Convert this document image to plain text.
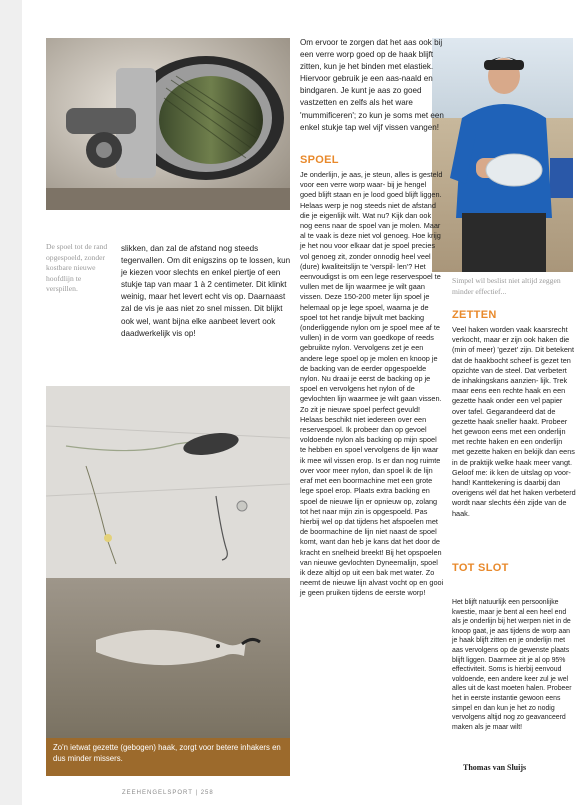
Zo'n ietwat gezette (gebogen) haak, zorgt voor betere inhakers en dus minder missers.
De spoel tot de rand opgespoeld, zonder kostbare nieuwe hoofdlijn te verspillen.
slikken, dan zal de afstand nog steeds tegenvallen. Om dit enigszins op te lossen, kun je kiezen voor slechts en enkel piertje of een stukje tap van maar 1 à 2 centimeter. Dit klinkt weinig, maar het levert echt vis op. Daarnaast zal de vis je aas niet zo snel missen. Dit blijkt ook wel, want bijna elke aanbeet levert ook daadwerkelijk vis op!
Om ervoor te zorgen dat het aas ook bij een verre worp goed op de haak blijft zitten, kun je het binden met elastiek. Hiervoor gebruik je een aas-naald en bindgaren. Je kunt je aas zo goed vastzetten en zelfs als het ware 'mummificeren'; zo kun je soms met een enkel stukje tap wel vijf vissen vangen!
SPOEL
Je onderlijn, je aas, je steun, alles is gesteld voor een verre worp waar- bij je hengel goed blijft staan en je lood goed blijft liggen. Helaas werp je nog steeds niet de afstand die je eigenlijk wilt. Wat nu? Kijk dan ook nog eens naar de spoel van je molen. Maar al te vaak is deze niet vol genoeg. Hoe krijg je het nou voor elkaar dat je spoel precies vol genoeg zit, zonder onnodig heel veel (dure) kwaliteitslijn te 'verspil- len'? Het eenvoudigst is om een lege reservespoel te vullen met de lijn waarmee je wilt gaan vissen. Deze 150-200 meter lijn spoel je helemaal op je lege spoel, waarna je de spoel tot het randje bijvult met backing (onderliggende nylon om je spoel mee af te vullen) in de vorm van goedkope of reeds gebruikte nylon. Vervolgens zet je een andere lege spoel op je molen en knoop je de backing van de eerder opgespoelde nylon. Nu draai je eerst de backing op je spoel en vervolgens het nylon of de gevlochten lijn waarmee je wilt gaan vissen. Zo zit je nieuwe spoel perfect gevuld! Helaas beschikt niet iedereen over een reservespoel. Ik probeer dan op gevoel voldoende nylon als backing op mijn spoel te hebben en spoel vervolgens de lijn waar ik mee wil vissen erop. Is er dan nog ruimte over voor meer nylon, dan spoel ik de lijn eraf met een boormachine met een grote lege spoel erop. Plaats extra backing en spoel de nieuwe lijn er opnieuw op, zolang tot het naar mijn zin is opgespoeld. Pas hierbij wel op dat tijdens het afspoelen met de boormachine de lijn niet naast de spoel komt, want dan heb je kans dat het door de kracht en snelheid breekt! Bij het opspoelen van nieuwe gevlochten Dyneemalijn, spoel ik deze altijd op uit een bak met water. Zo neemt de nieuwe lijn alvast vocht op en gooi je geen pruiken tijdens de eerste worp!
Simpel wil beslist niet altijd zeggen minder effectief...
ZETTEN
Veel haken worden vaak kaarsrecht verkocht, maar er zijn ook haken die (min of meer) 'gezet' zijn. Dit betekent dat de haakbocht scheef is gezet ten opzichte van de steel. Dat verbetert de inhakingskans aanzien- lijk. Trek maar eens een rechte haak en een gezette haak onder een vel papier over tafel. Gegarandeerd dat de gezette haak sneller haakt. Probeer het gewoon eens met een onderlijn met rechte haken en een onderlijn met gezette haken en bekijk dan eens in de praktijk welke haak meer vangt. Geloof me: ik ken de uitslag op voor-hand! Kanttekening is daarbij dan overigens wél dat het haken verbeterd wordt naar slechts één zijde van de haak.
TOT SLOT
Het blijft natuurlijk een persoonlijke kwestie, maar je bent al een heel end als je onderlijn bij het werpen niet in de knoop gaat, je aas tijdens de worp aan je haak blijft zitten en je onderlijn met aas vervolgens op de gewenste plaats blijft liggen. Daarmee zit je al op 95% effectiviteit. Soms is hierbij eenvoud voldoende, een andere keer zul je wel alles uit de kast moeten halen. Probeer het in eerste instantie gewoon eens simpel en dan kun je het zo nodig vervolgens altijd nog zo geavanceerd maken als je maar wilt!
Thomas van Sluijs
ZEEHENGELSPORT | 258
